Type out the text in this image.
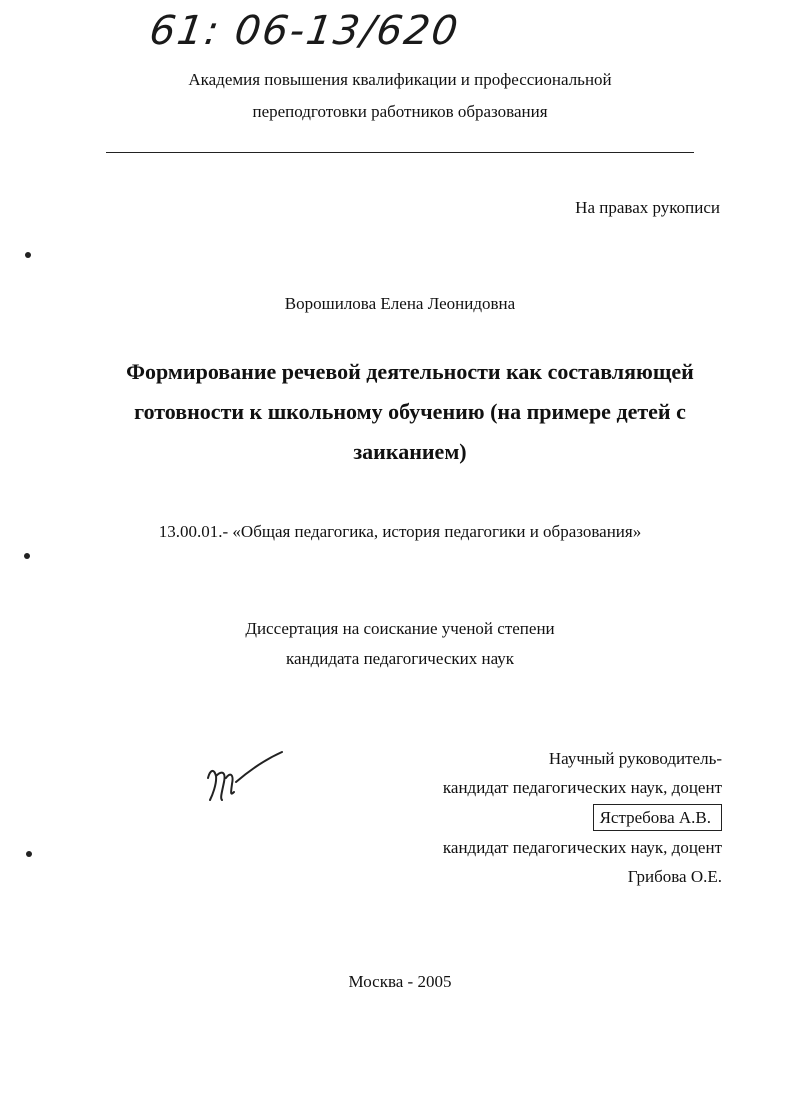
61: 06-13/620
Академия повышения квалификации и профессиональной
переподготовки работников образования
На правах рукописи
Ворошилова Елена Леонидовна
Формирование речевой деятельности как составляющей готовности к школьному обучению (на примере детей с заиканием)
13.00.01.- «Общая педагогика, история педагогики и образования»
Диссертация на соискание ученой степени
кандидата педагогических наук
Научный руководитель-
кандидат педагогических наук, доцент
Ястребова А.В.
кандидат педагогических наук, доцент
Грибова О.Е.
Москва - 2005
